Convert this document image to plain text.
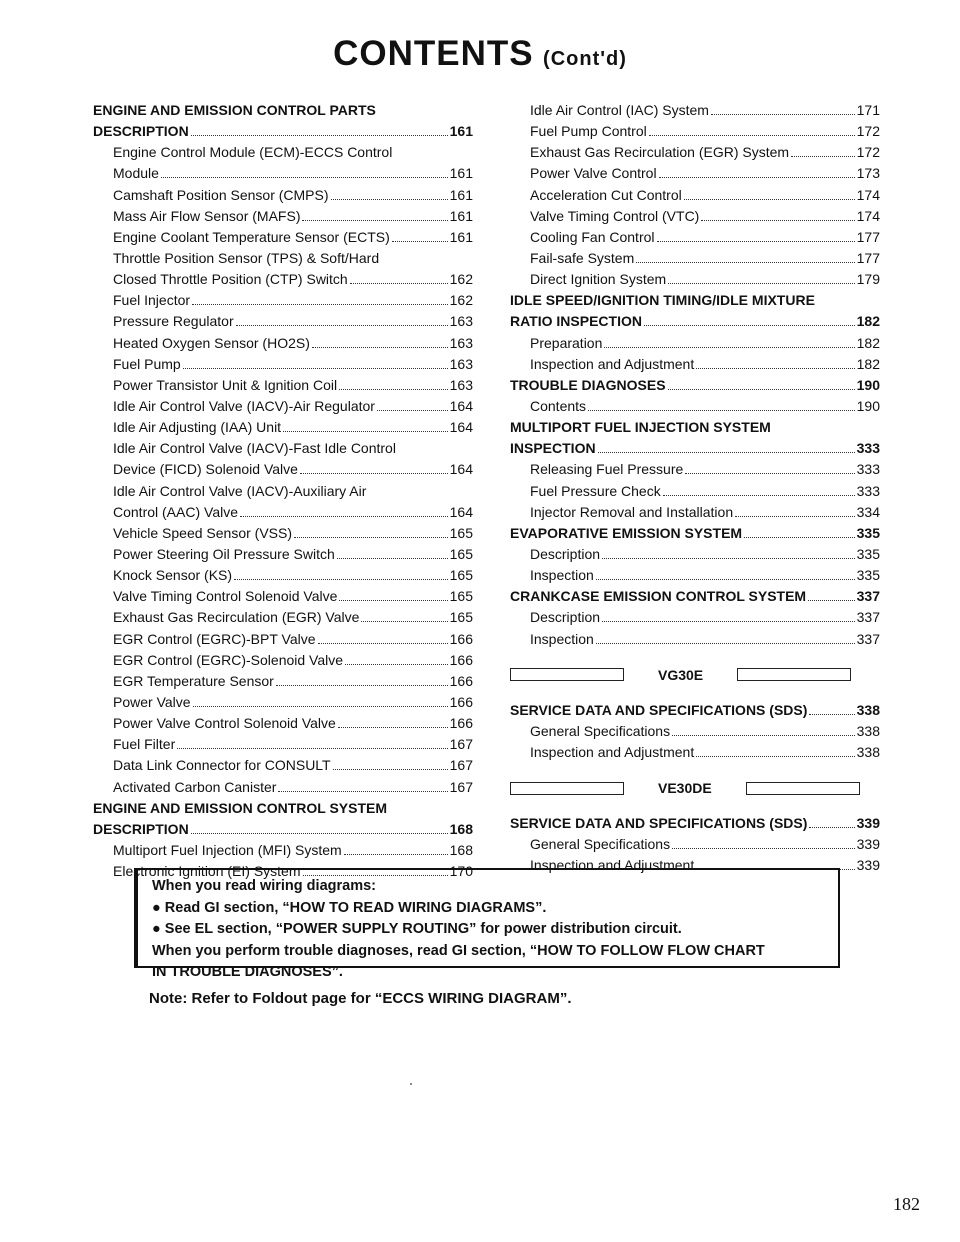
CONTENTS (Cont'd)
ENGINE AND EMISSION CONTROL PARTS
DESCRIPTION	161
Engine Control Module (ECM)-ECCS Control
Module	161
Camshaft Position Sensor (CMPS)	161
Mass Air Flow Sensor (MAFS)	161
Engine Coolant Temperature Sensor (ECTS)	161
Throttle Position Sensor (TPS) & Soft/Hard
Closed Throttle Position (CTP) Switch	162
Fuel Injector	162
Pressure Regulator	163
Heated Oxygen Sensor (HO2S)	163
Fuel Pump	163
Power Transistor Unit & Ignition Coil	163
Idle Air Control Valve (IACV)-Air Regulator	164
Idle Air Adjusting (IAA) Unit	164
Idle Air Control Valve (IACV)-Fast Idle Control
Device (FICD) Solenoid Valve	164
Idle Air Control Valve (IACV)-Auxiliary Air
Control (AAC) Valve	164
Vehicle Speed Sensor (VSS)	165
Power Steering Oil Pressure Switch	165
Knock Sensor (KS)	165
Valve Timing Control Solenoid Valve	165
Exhaust Gas Recirculation (EGR) Valve	165
EGR Control (EGRC)-BPT Valve	166
EGR Control (EGRC)-Solenoid Valve	166
EGR Temperature Sensor	166
Power Valve	166
Power Valve Control Solenoid Valve	166
Fuel Filter	167
Data Link Connector for CONSULT	167
Activated Carbon Canister	167
ENGINE AND EMISSION CONTROL SYSTEM
DESCRIPTION	168
Multiport Fuel Injection (MFI) System	168
Electronic Ignition (EI) System	170
Idle Air Control (IAC) System	171
Fuel Pump Control	172
Exhaust Gas Recirculation (EGR) System	172
Power Valve Control	173
Acceleration Cut Control	174
Valve Timing Control (VTC)	174
Cooling Fan Control	177
Fail-safe System	177
Direct Ignition System	179
IDLE SPEED/IGNITION TIMING/IDLE MIXTURE
RATIO INSPECTION	182
Preparation	182
Inspection and Adjustment	182
TROUBLE DIAGNOSES	190
Contents	190
MULTIPORT FUEL INJECTION SYSTEM
INSPECTION	333
Releasing Fuel Pressure	333
Fuel Pressure Check	333
Injector Removal and Installation	334
EVAPORATIVE EMISSION SYSTEM	335
Description	335
Inspection	335
CRANKCASE EMISSION CONTROL SYSTEM	337
Description	337
Inspection	337
VG30E
SERVICE DATA AND SPECIFICATIONS (SDS)	338
General Specifications	338
Inspection and Adjustment	338
VE30DE
SERVICE DATA AND SPECIFICATIONS (SDS)	339
General Specifications	339
Inspection and Adjustment	339
When you read wiring diagrams:
● Read GI section, “HOW TO READ WIRING DIAGRAMS”.
● See EL section, “POWER SUPPLY ROUTING” for power distribution circuit.
When you perform trouble diagnoses, read GI section, “HOW TO FOLLOW FLOW CHART
IN TROUBLE DIAGNOSES”.
Note: Refer to Foldout page for “ECCS WIRING DIAGRAM”.
182
